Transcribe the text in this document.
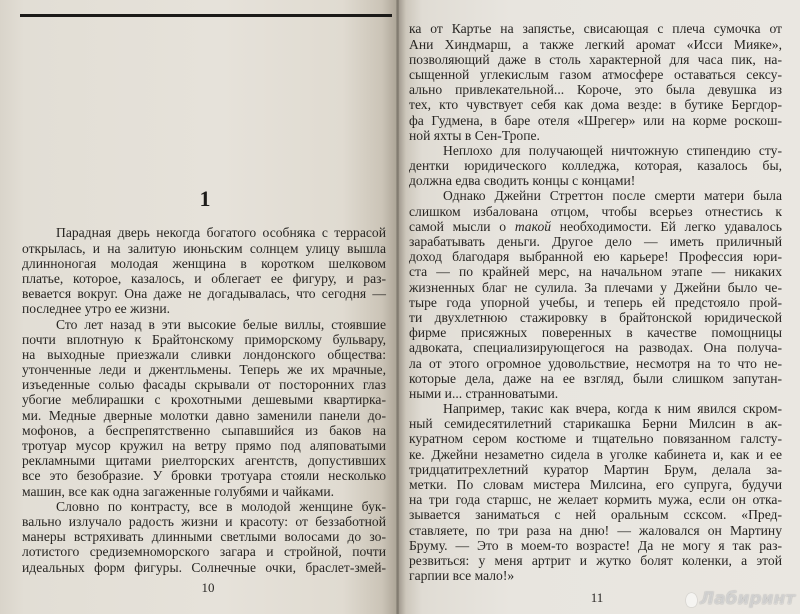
1
Парадная дверь некогда богатого особняка с террасой
открылась, и на залитую июньским солнцем улицу вышла
длинноногая молодая женщина в коротком шелковом
платье, которое, казалось, и облегает ее фигуру, и раз-
вевается вокруг. Она даже не догадывалась, что сегодня —
последнее утро ее жизни.
Сто лет назад в эти высокие белые виллы, стоявшие
почти вплотную к Брайтонскому приморскому бульвару,
на выходные приезжали сливки лондонского общества:
утонченные леди и джентльмены. Теперь же их мрачные,
изъеденные солью фасады скрывали от посторонних глаз
убогие меблирашки с крохотными дешевыми квартирка-
ми. Медные дверные молотки давно заменили панели до-
мофонов, а беспрепятственно сыпавшийся из баков на
тротуар мусор кружил на ветру прямо под аляповатыми
рекламными щитами риелторских агентств, допустивших
все это безобразие. У бровки тротуара стояли несколько
машин, все как одна загаженные голубями и чайками.
Словно по контрасту, все в молодой женщине бук-
вально излучало радость жизни и красоту: от беззаботной
манеры встряхивать длинными светлыми волосами до зо-
лотистого средиземноморского загара и стройной, почти
идеальных форм фигуры. Солнечные очки, браслет-змей-
ка от Картье на запястье, свисающая с плеча сумочка от
Ани Хиндмарш, а также легкий аромат «Исси Мияке»,
позволяющий даже в столь характерной для часа пик, на-
сыщенной углекислым газом атмосфере оставаться сексу-
ально привлекательной... Короче, это была девушка из
тех, кто чувствует себя как дома везде: в бутике Бергдор-
фа Гудмена, в баре отеля «Шрегер» или на корме роскош-
ной яхты в Сен-Тропе.
Неплохо для получающей ничтожную стипендию сту-
дентки юридического колледжа, которая, казалось бы,
должна едва сводить концы с концами!
Однако Джейни Стреттон после смерти матери была
слишком избалована отцом, чтобы всерьез отнестись к
самой мысли о такой необходимости. Ей легко удавалось
зарабатывать деньги. Другое дело — иметь приличный
доход благодаря выбранной ею карьере! Профессия юри-
ста — по крайней мерс, на начальном этапе — никаких
жизненных благ не сулила. За плечами у Джейни было че-
тыре года упорной учебы, и теперь ей предстояло прой-
ти двухлетнюю стажировку в брайтонской юридической
фирме присяжных поверенных в качестве помощницы
адвоката, специализирующегося на разводах. Она получа-
ла от этого огромное удовольствие, несмотря на то что не-
которые дела, даже на ее взгляд, были слишком запутан-
ными и... странноватыми.
Например, такис как вчера, когда к ним явился скром-
ный семидесятилетний старикашка Берни Милсин в ак-
куратном сером костюме и тщательно повязанном галсту-
ке. Джейни незаметно сидела в уголке кабинета и, как и ее
тридцатитрехлетний куратор Мартин Брум, делала за-
метки. По словам мистера Милсина, его супруга, будучи
на три года старшс, не желает кормить мужа, если он отка-
зывается заниматься с ней оральным ссксом. «Пред-
ставляете, по три раза на дню! — жаловался он Мартину
Бруму. — Это в моем-то возрасте! Да не могу я так раз-
резвиться: у меня артрит и жутко болят коленки, а этой
гарпии все мало!»
10
11	Лабиринт
